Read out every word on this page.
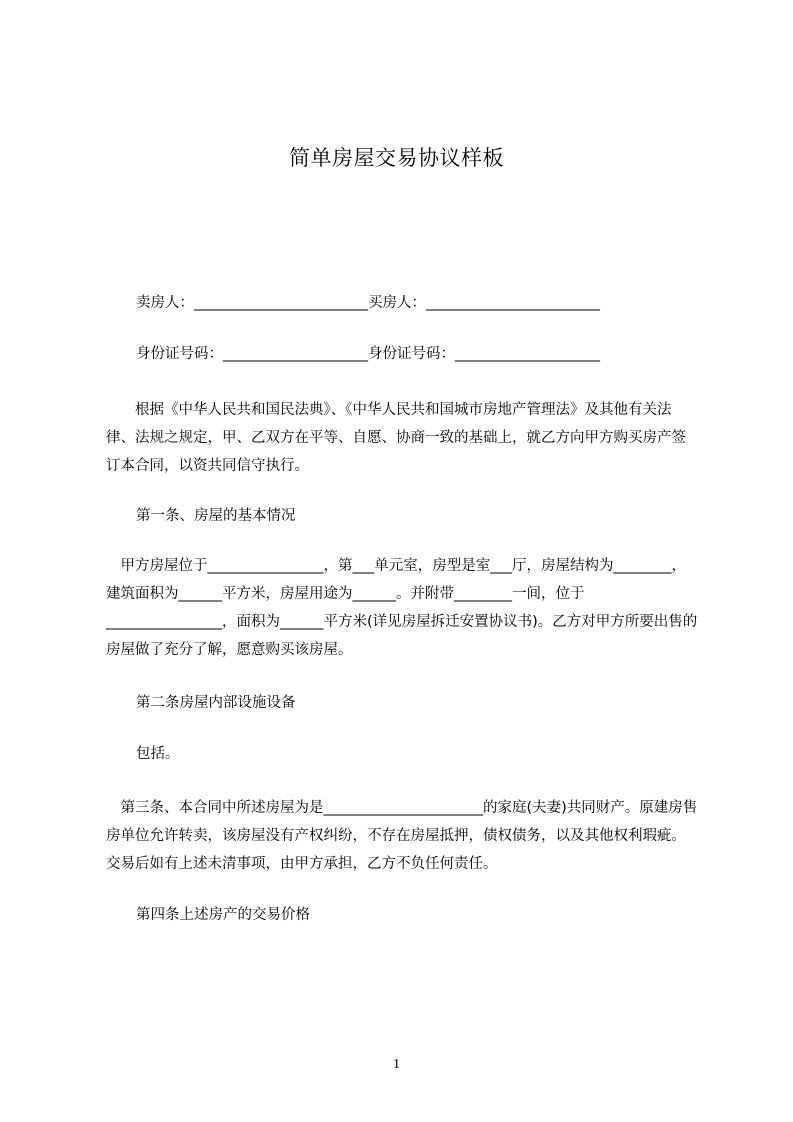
简单房屋交易协议样板
卖房人：________________________买房人：________________________
身份证号码：____________________身份证号码：____________________
　　根据《中华人民共和国民法典》、《中华人民共和国城市房地产管理法》及其他有关法律、法规之规定，甲、乙双方在平等、自愿、协商一致的基础上，就乙方向甲方购买房产签订本合同，以资共同信守执行。
第一条、房屋的基本情况
　甲方房屋位于________________，第___单元室，房型是室___厅，房屋结构为________，建筑面积为______平方米，房屋用途为______。并附带________一间，位于________________，面积为______平方米(详见房屋拆迁安置协议书)。乙方对甲方所要出售的房屋做了充分了解，愿意购买该房屋。
第二条房屋内部设施设备
包括。
　第三条、本合同中所述房屋为是______________________的家庭(夫妻)共同财产。原建房售房单位允许转卖，该房屋没有产权纠纷，不存在房屋抵押，债权债务，以及其他权利瑕疵。交易后如有上述未清事项，由甲方承担，乙方不负任何责任。
第四条上述房产的交易价格
1
